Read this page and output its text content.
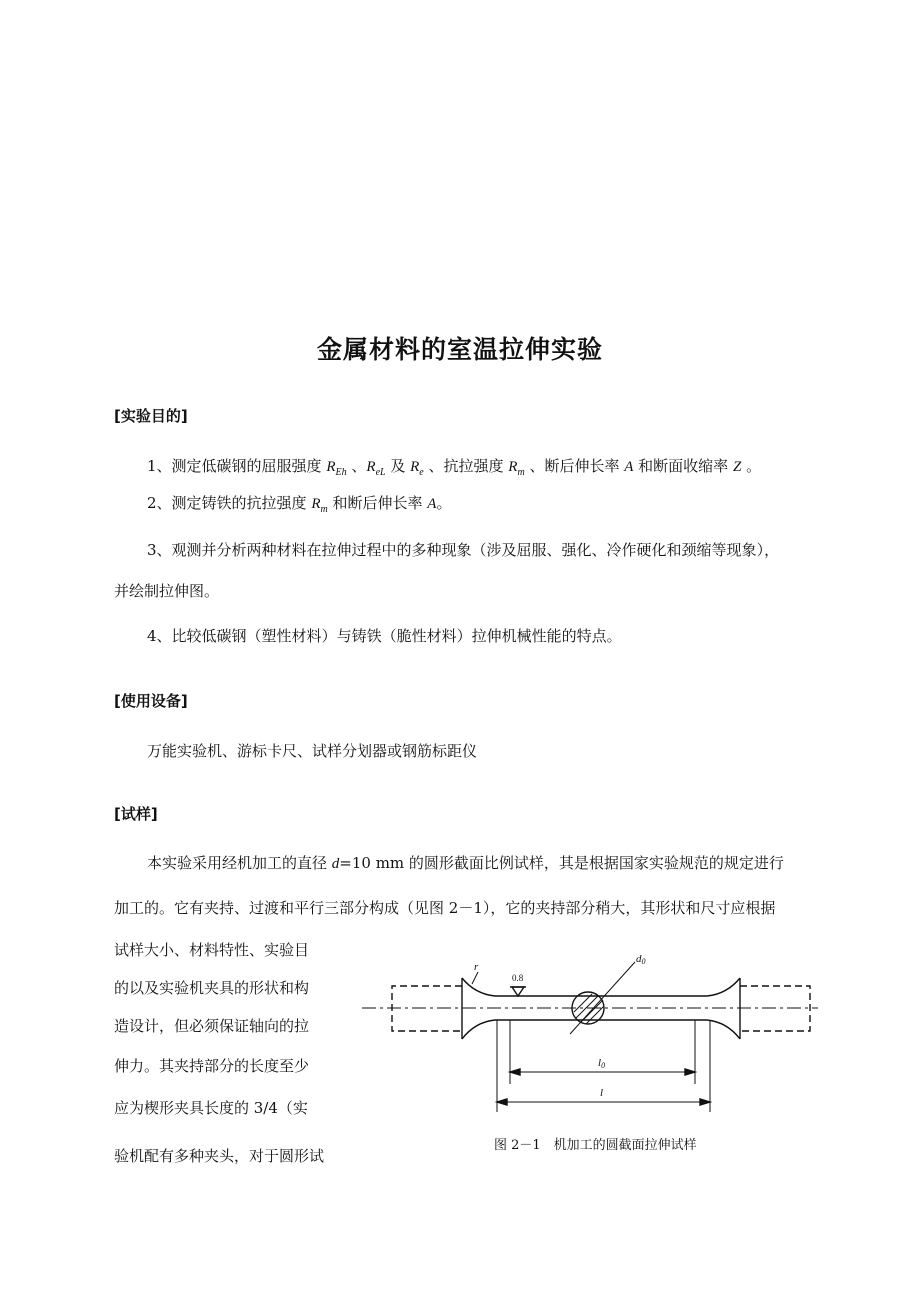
金属材料的室温拉伸实验
[实验目的]
1、测定低碳钢的屈服强度 $R_{Eh}$ 、$R_{eL}$ 及 $R_e$ 、抗拉强度 $R_m$ 、断后伸长率 A 和断面收缩率 Z 。
2、测定铸铁的抗拉强度 $R_m$ 和断后伸长率 A。
3、观测并分析两种材料在拉伸过程中的多种现象（涉及屈服、强化、冷作硬化和颈缩等现象），
并绘制拉伸图。
4、比较低碳钢（塑性材料）与铸铁（脆性材料）拉伸机械性能的特点。
[使用设备]
万能实验机、游标卡尺、试样分划器或钢筋标距仪
[试样]
本实验采用经机加工的直径 d=10 mm 的圆形截面比例试样，其是根据国家实验规范的规定进行
加工的。它有夹持、过渡和平行三部分构成（见图 2－1），它的夹持部分稍大，其形状和尺寸应根据
试样大小、材料特性、实验目
的以及实验机夹具的形状和构
造设计，但必须保证轴向的拉
伸力。其夹持部分的长度至少
应为楔形夹具长度的 3/4（实
验机配有多种夹头，对于圆形试
r
0.8
d0
l0
l
图 2－1　机加工的圆截面拉伸试样
